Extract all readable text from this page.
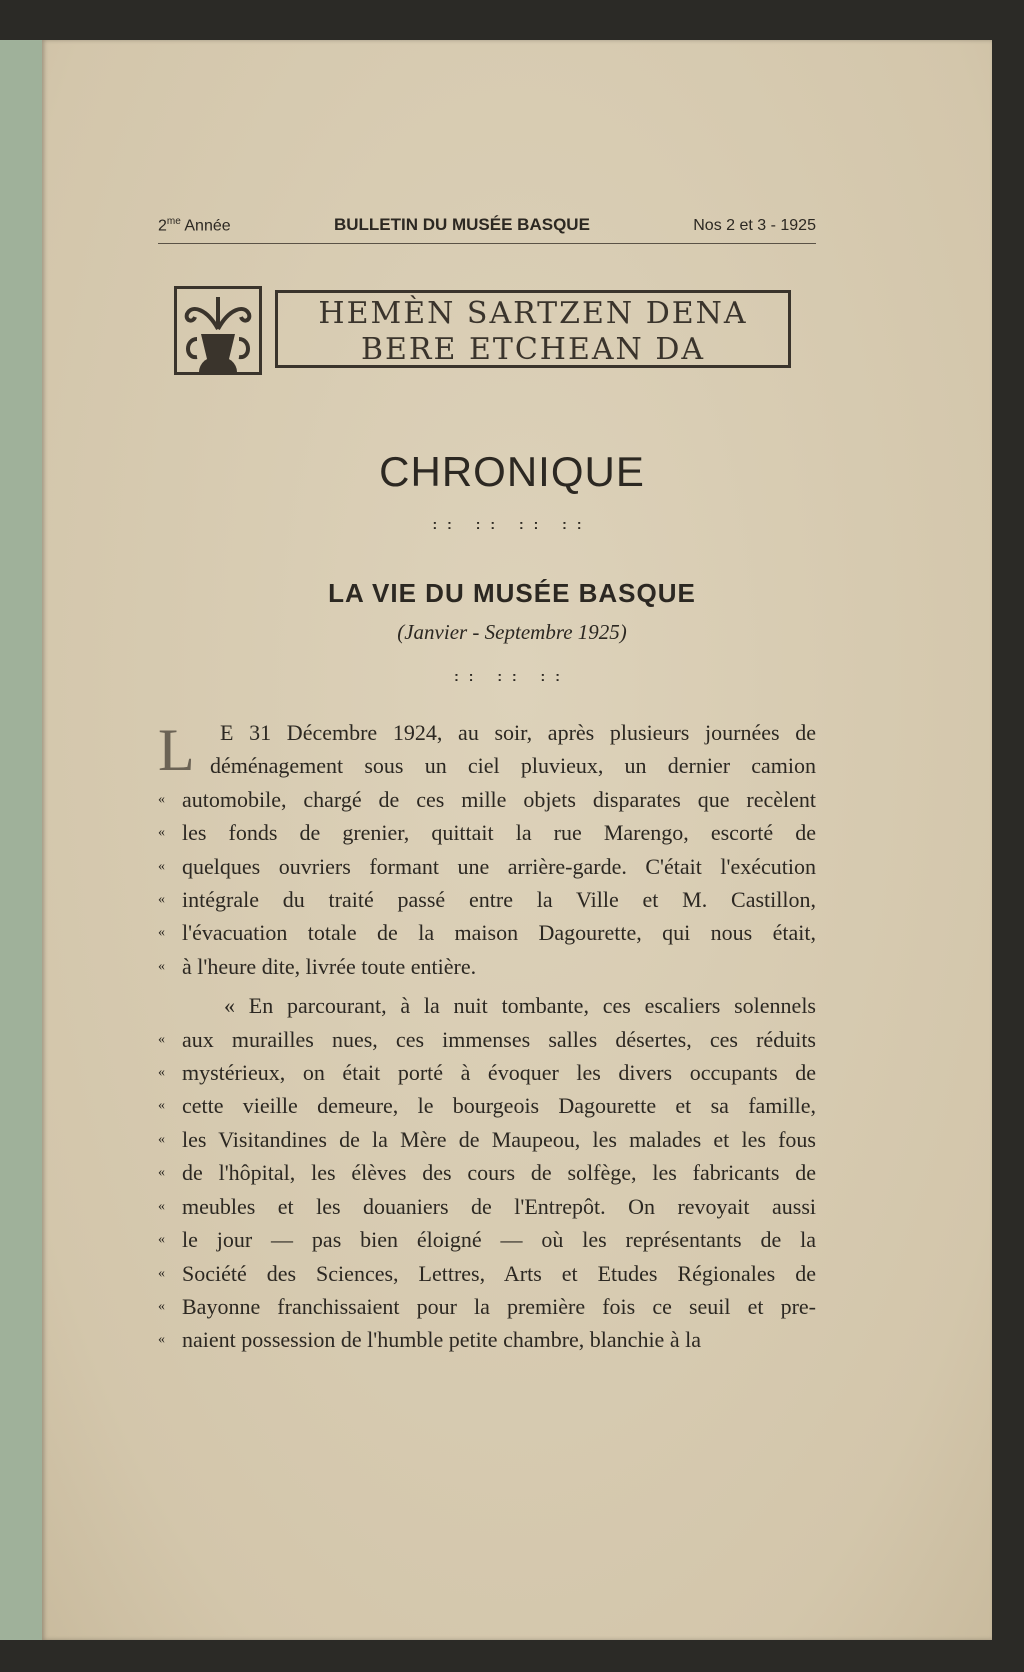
$2^{me}$ Année	BULLETIN DU MUSÉE BASQUE	Nos 2 et 3 - 1925
HEMÈN SARTZEN DENA
BERE ETCHEAN DA
CHRONIQUE
:: :: :: ::
LA VIE DU MUSÉE BASQUE
(Janvier - Septembre 1925)
:: :: ::
L	E 31 Décembre 1924, au soir, après plusieurs journées de
déménagement sous un ciel pluvieux, un dernier camion
« automobile, chargé de ces mille objets disparates que recèlent
« les fonds de grenier, quittait la rue Marengo, escorté de
« quelques ouvriers formant une arrière-garde. C'était l'exécution
« intégrale du traité passé entre la Ville et M. Castillon,
« l'évacuation totale de la maison Dagourette, qui nous était,
« à l'heure dite, livrée toute entière.
« En parcourant, à la nuit tombante, ces escaliers solennels
« aux murailles nues, ces immenses salles désertes, ces réduits
« mystérieux, on était porté à évoquer les divers occupants de
« cette vieille demeure, le bourgeois Dagourette et sa famille,
« les Visitandines de la Mère de Maupeou, les malades et les fous
« de l'hôpital, les élèves des cours de solfège, les fabricants de
« meubles et les douaniers de l'Entrepôt. On revoyait aussi
« le jour — pas bien éloigné — où les représentants de la
« Société des Sciences, Lettres, Arts et Etudes Régionales de
« Bayonne franchissaient pour la première fois ce seuil et pre-
« naient possession de l'humble petite chambre, blanchie à la
